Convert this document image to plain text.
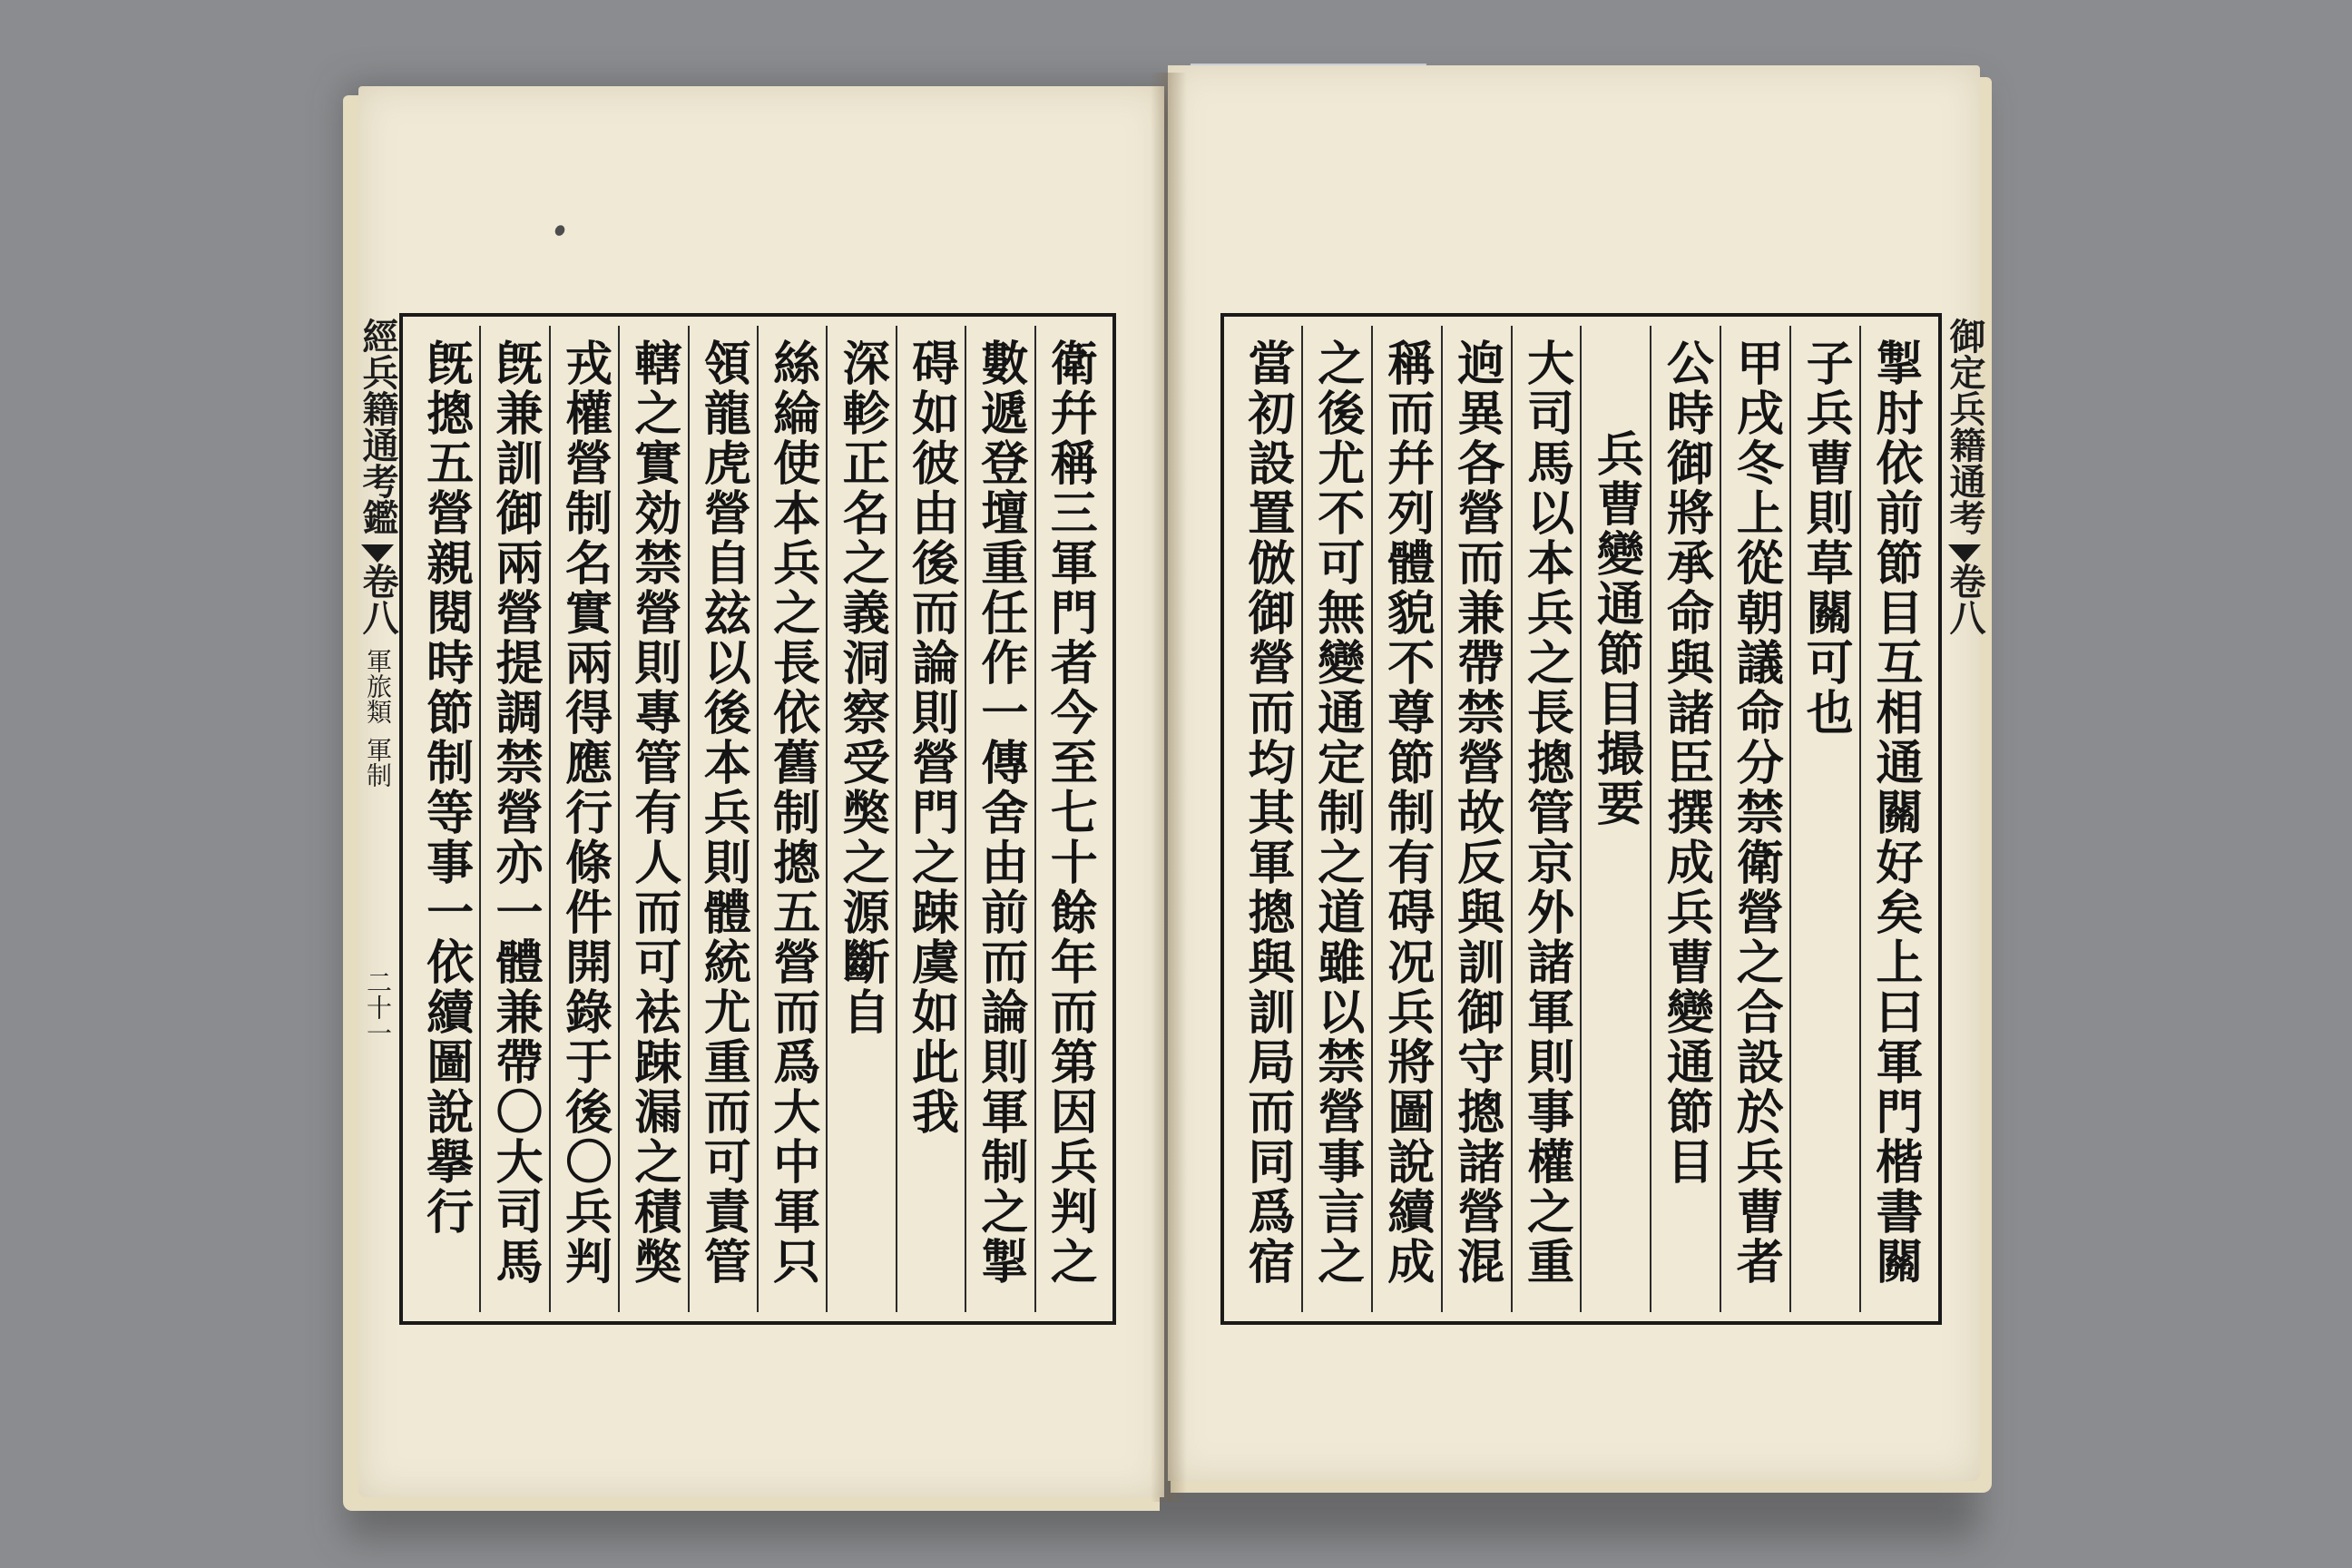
經兵籍通考鑑
卷八
軍旅類
軍制
二十一	衛幷稱三軍門者今至七十餘年而第因兵判之
數遞登壇重任作一傳舍由前而論則軍制之掣
碍如彼由後而論則營門之踈虞如此我
深軫正名之義洞察受獘之源斷自
絲綸使本兵之長依舊制摠五營而爲大中軍只
領龍虎營自玆以後本兵則體統尤重而可責管
轄之實効禁營則專管有人而可袪踈漏之積獘
戎權營制名實兩得應行條件開錄于後〇兵判
旣兼訓御兩營提調禁營亦一體兼帶〇大司馬
旣摠五營親閱時節制等事一依續圖說擧行	御定兵籍通考
卷八
掣肘依前節目互相通關好矣上曰軍門楷書關
子兵曹則草關可也
甲戌冬上從朝議命分禁衛營之合設於兵曹者
公時御將承命與諸臣撰成兵曹變通節目
兵曹變通節目撮要
大司馬以本兵之長摠管京外諸軍則事權之重
逈異各營而兼帶禁營故反與訓御守摠諸營混
稱而幷列體貌不尊節制有碍况兵將圖說續成
之後尤不可無變通定制之道雖以禁營事言之
當初設置倣御營而均其軍摠與訓局而同爲宿
